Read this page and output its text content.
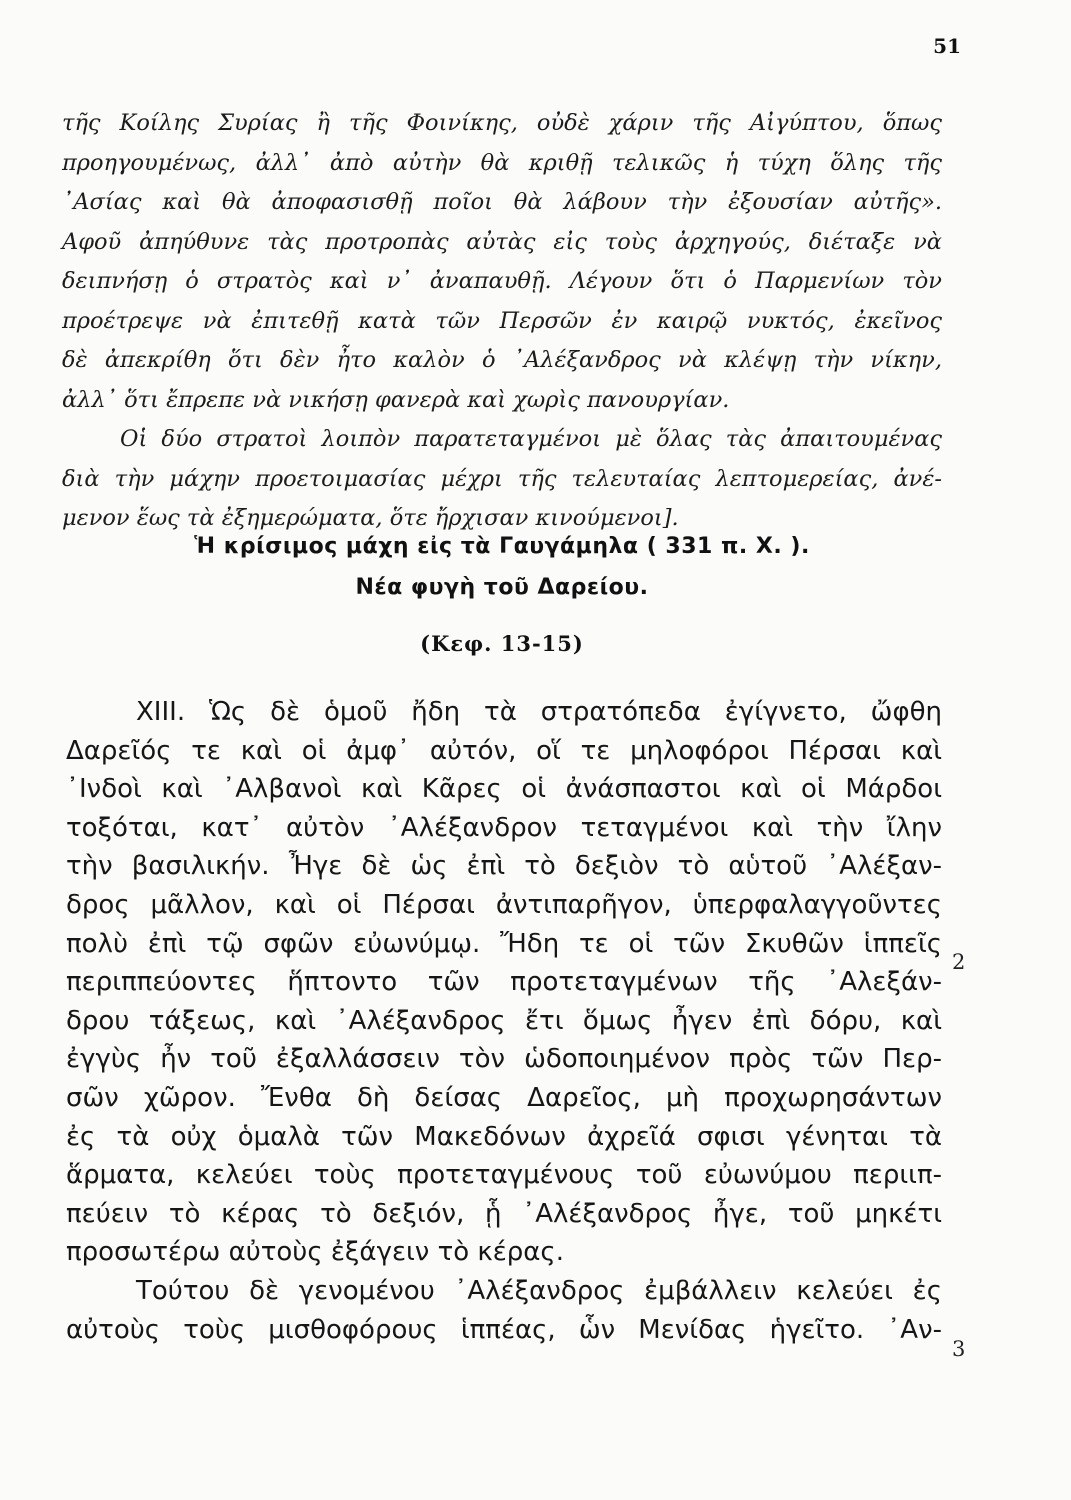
51
τῆς Κοίλης Συρίας ἢ τῆς Φοινίκης, οὐδὲ χάριν τῆς Αἰγύπτου, ὅπως
προηγουμένως, ἀλλ᾿ ἀπὸ αὐτὴν θὰ κριθῇ τελικῶς ἡ τύχη ὅλης τῆς
᾿Ασίας καὶ θὰ ἀποφασισθῇ ποῖοι θὰ λάβουν τὴν ἐξουσίαν αὐτῆς».
Αφοῦ ἀπηύθυνε τὰς προτροπὰς αὐτὰς εἰς τοὺς ἀρχηγούς, διέταξε νὰ
δειπνήσῃ ὁ στρατὸς καὶ ν᾿ ἀναπαυθῇ. Λέγουν ὅτι ὁ Παρμενίων τὸν
προέτρεψε νὰ ἐπιτεθῇ κατὰ τῶν Περσῶν ἐν καιρῷ νυκτός, ἐκεῖνος
δὲ ἀπεκρίθη ὅτι δὲν ἦτο καλὸν ὁ ᾿Αλέξανδρος νὰ κλέψῃ τὴν νίκην,
ἀλλ᾿ ὅτι ἔπρεπε νὰ νικήσῃ φανερὰ καὶ χωρὶς πανουργίαν.
Οἱ δύο στρατοὶ λοιπὸν παρατεταγμένοι μὲ ὅλας τὰς ἀπαιτουμένας
διὰ τὴν μάχην προετοιμασίας μέχρι τῆς τελευταίας λεπτομερείας, ἀνέ-
μενον ἕως τὰ ἐξημερώματα, ὅτε ἤρχισαν κινούμενοι].
Ἡ κρίσιμος μάχη εἰς τὰ Γαυγάμηλα ( 331 π. Χ. ).
Νέα φυγὴ τοῦ Δαρείου.
(Κεφ. 13-15)
XIII. Ὡς δὲ ὁμοῦ ἤδη τὰ στρατόπεδα ἐγίγνετο, ὤφθη
Δαρεῖός τε καὶ οἱ ἀμφ᾿ αὐτόν, οἵ τε μηλοφόροι Πέρσαι καὶ
᾿Ινδοὶ καὶ ᾿Αλβανοὶ καὶ Κᾶρες οἱ ἀνάσπαστοι καὶ οἱ Μάρδοι
τοξόται, κατ᾿ αὐτὸν ᾿Αλέξανδρον τεταγμένοι καὶ τὴν ἴλην
τὴν βασιλικήν. Ἦγε δὲ ὡς ἐπὶ τὸ δεξιὸν τὸ αὑτοῦ ᾿Αλέξαν-
δρος μᾶλλον, καὶ οἱ Πέρσαι ἀντιπαρῆγον, ὑπερφαλαγγοῦντες
πολὺ ἐπὶ τῷ σφῶν εὐωνύμῳ. Ἤδη τε οἱ τῶν Σκυθῶν ἱππεῖς
περιππεύοντες ἥπτοντο τῶν προτεταγμένων τῆς ᾿Αλεξάν-
δρου τάξεως, καὶ ᾿Αλέξανδρος ἔτι ὅμως ἦγεν ἐπὶ δόρυ, καὶ
ἐγγὺς ἦν τοῦ ἐξαλλάσσειν τὸν ὡδοποιημένον πρὸς τῶν Περ-
σῶν χῶρον. Ἔνθα δὴ δείσας Δαρεῖος, μὴ προχωρησάντων
ἐς τὰ οὐχ ὁμαλὰ τῶν Μακεδόνων ἀχρεῖά σφισι γένηται τὰ
ἅρματα, κελεύει τοὺς προτεταγμένους τοῦ εὐωνύμου περιιπ-
πεύειν τὸ κέρας τὸ δεξιόν, ᾗ ᾿Αλέξανδρος ἦγε, τοῦ μηκέτι
προσωτέρω αὐτοὺς ἐξάγειν τὸ κέρας.
Τούτου δὲ γενομένου ᾿Αλέξανδρος ἐμβάλλειν κελεύει ἐς
αὐτοὺς τοὺς μισθοφόρους ἱππέας, ὧν Μενίδας ἡγεῖτο. ᾿Αν-
2
3
